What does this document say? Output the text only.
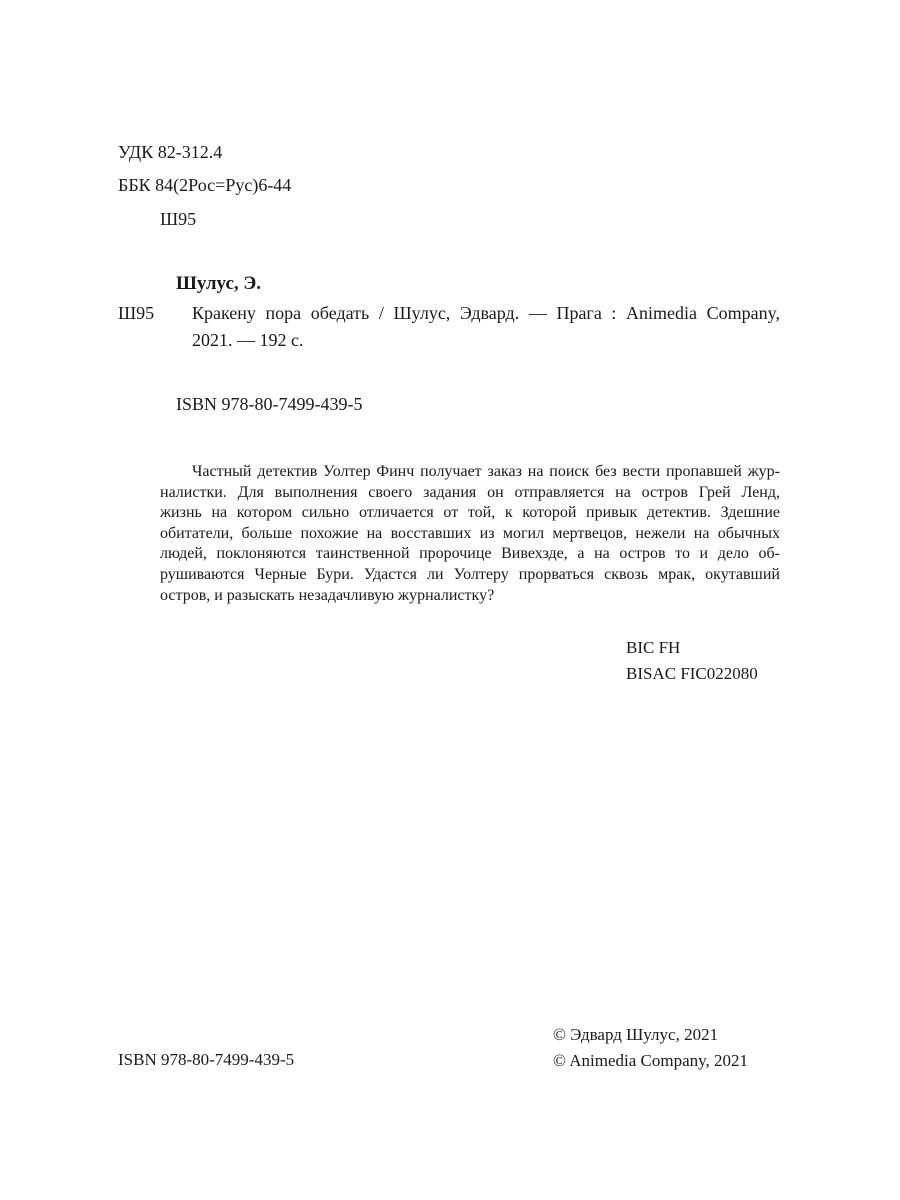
УДК 82-312.4
ББК 84(2Рос=Рус)6-44
Ш95
Шулус, Э.
Ш95 Кракену пора обедать / Шулус, Эдвард. — Прага : Animedia Company,
2021. — 192 с.
ISBN 978-80-7499-439-5
Частный детектив Уолтер Финч получает заказ на поиск без вести пропавшей жур-
налистки. Для выполнения своего задания он отправляется на остров Грей Ленд,
жизнь на котором сильно отличается от той, к которой привык детектив. Здешние
обитатели, больше похожие на восставших из могил мертвецов, нежели на обычных
людей, поклоняются таинственной пророчице Вивехздe, а на остров то и дело об-
рушиваются Черные Бури. Удастся ли Уолтеру прорваться сквозь мрак, окутавший
остров, и разыскать незадачливую журналистку?
BIC FH
BISAC FIC022080
ISBN 978-80-7499-439-5
© Эдвард Шулус, 2021
© Animedia Company, 2021
